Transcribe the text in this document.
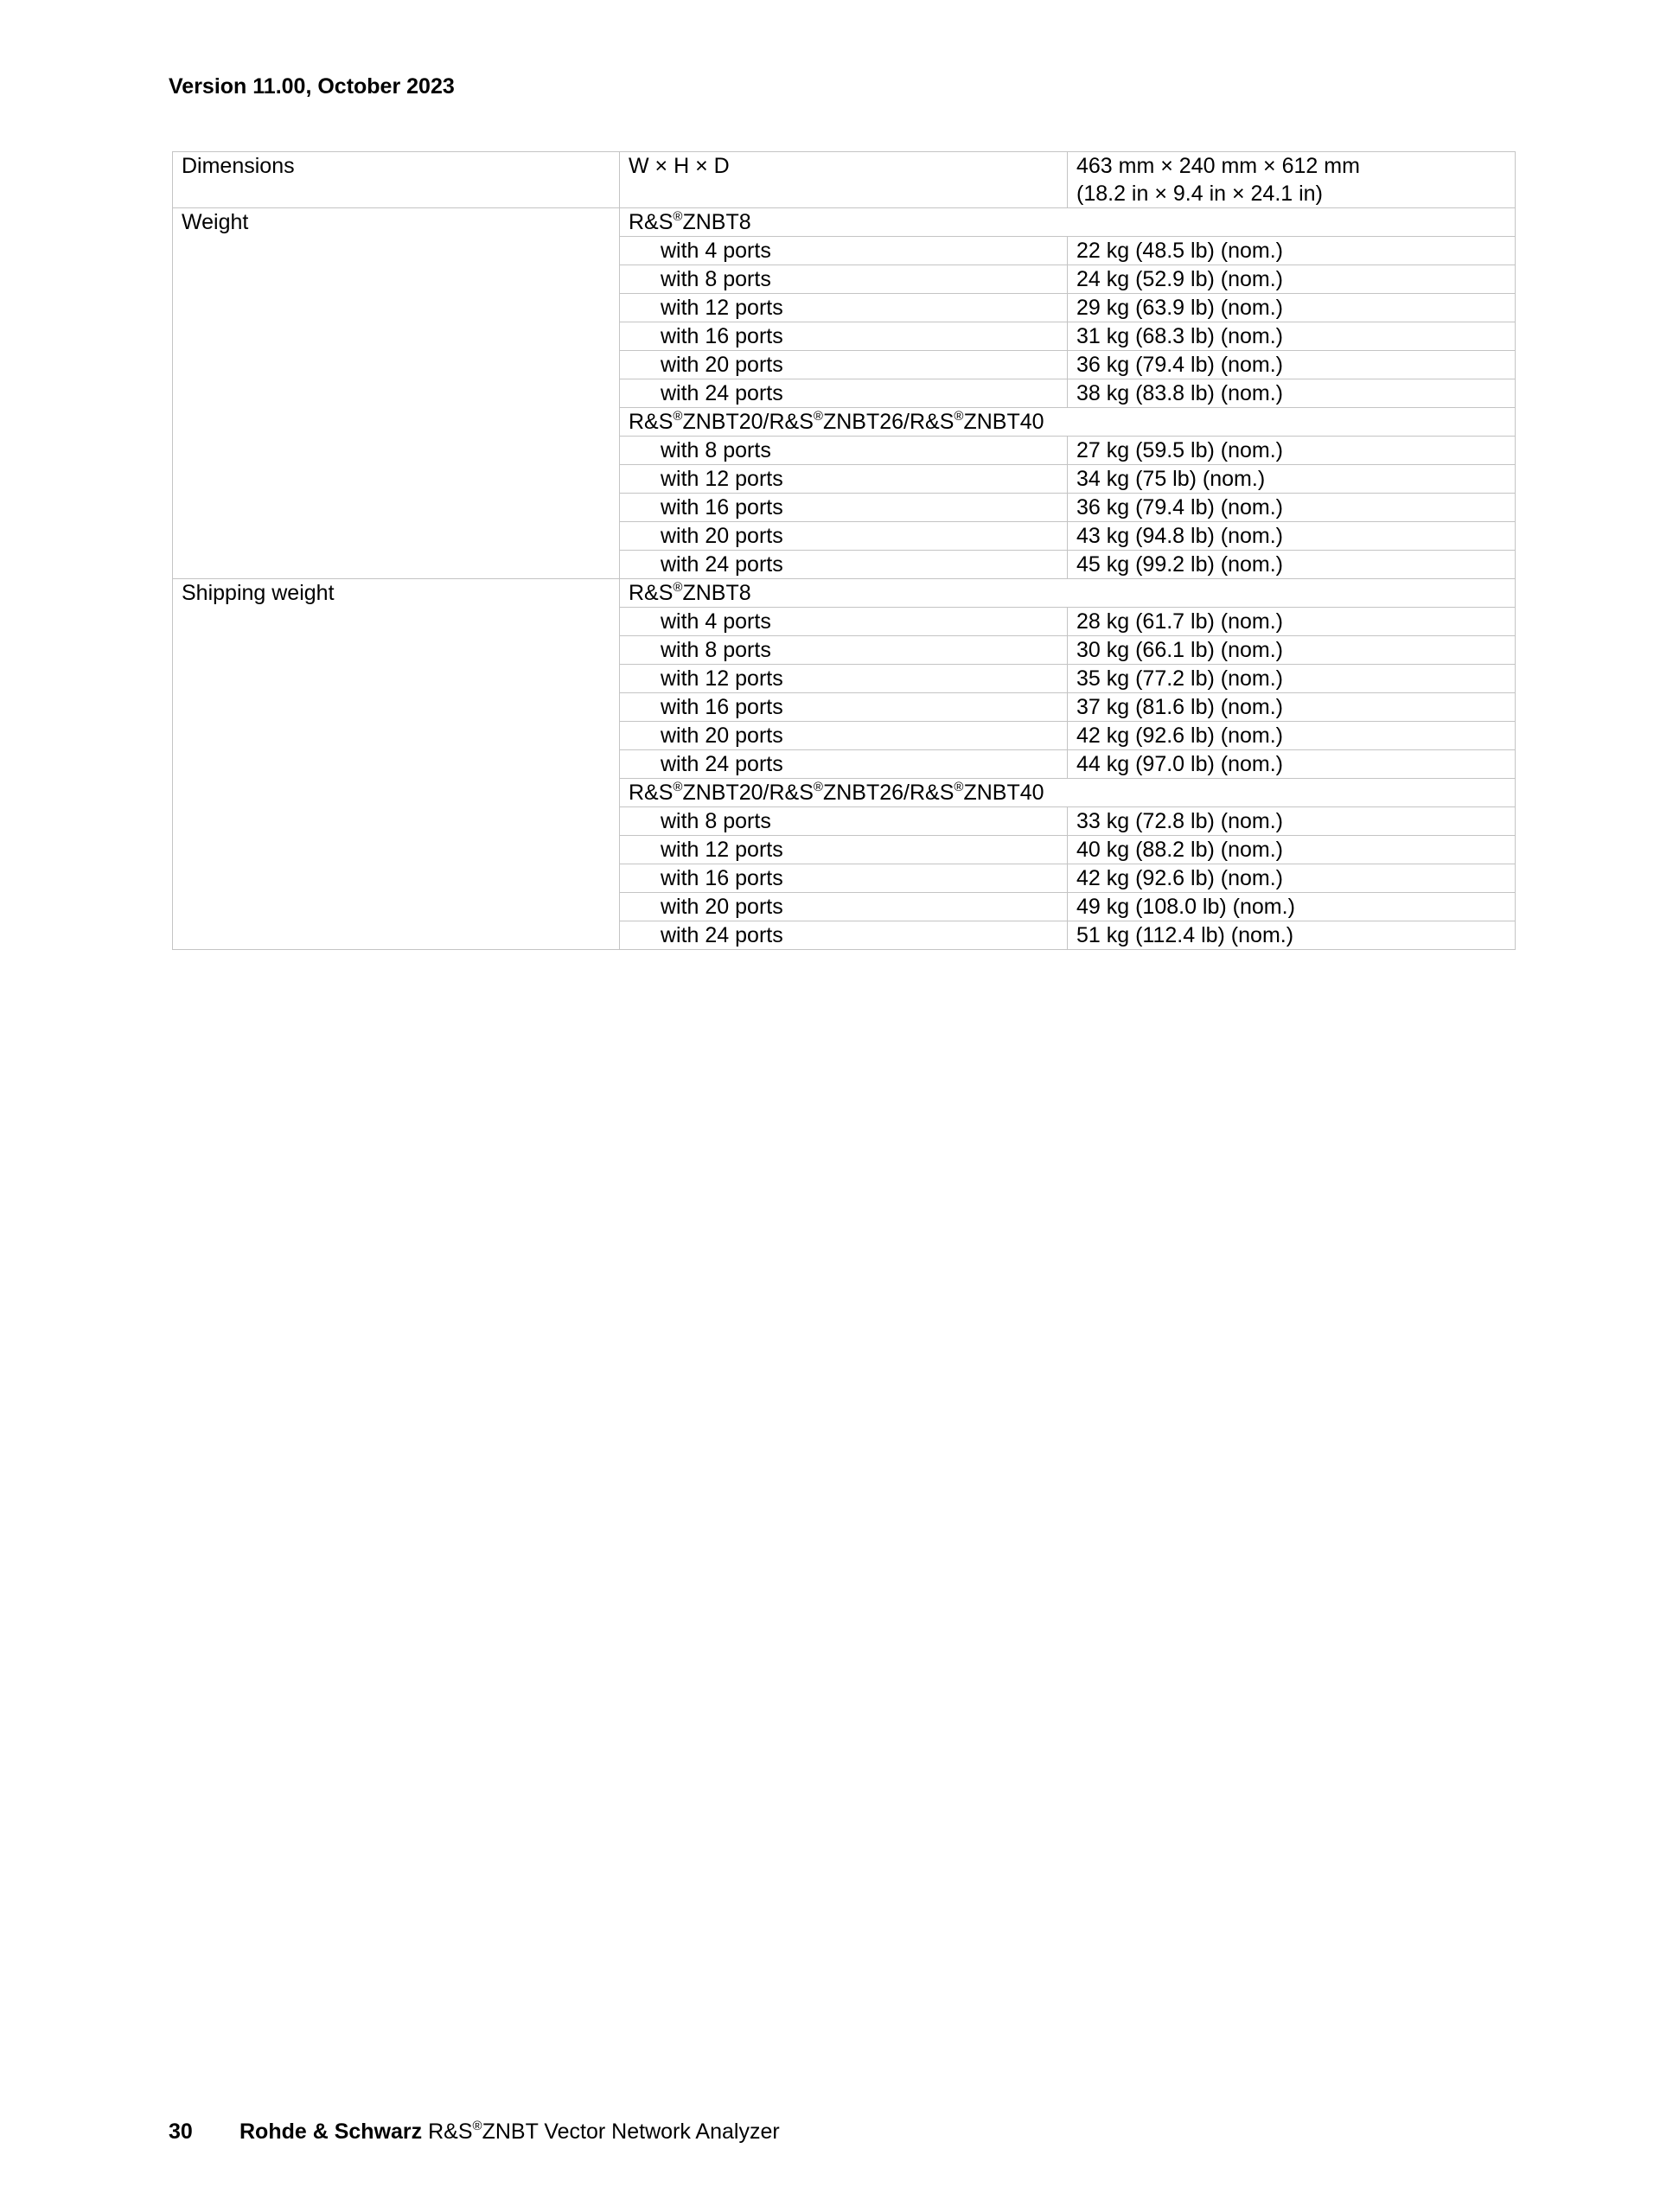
Version 11.00, October 2023
Dimensions	W × H × D	463 mm × 240 mm × 612 mm
(18.2 in × 9.4 in × 24.1 in)
Weight	R&S®ZNBT8	
	with 4 ports	22 kg (48.5 lb) (nom.)
	with 8 ports	24 kg (52.9 lb) (nom.)
	with 12 ports	29 kg (63.9 lb) (nom.)
	with 16 ports	31 kg (68.3 lb) (nom.)
	with 20 ports	36 kg (79.4 lb) (nom.)
	with 24 ports	38 kg (83.8 lb) (nom.)
	R&S®ZNBT20/R&S®ZNBT26/R&S®ZNBT40	
	with 8 ports	27 kg (59.5 lb) (nom.)
	with 12 ports	34 kg (75 lb) (nom.)
	with 16 ports	36 kg (79.4 lb) (nom.)
	with 20 ports	43 kg (94.8 lb) (nom.)
	with 24 ports	45 kg (99.2 lb) (nom.)
Shipping weight	R&S®ZNBT8	
	with 4 ports	28 kg (61.7 lb) (nom.)
	with 8 ports	30 kg (66.1 lb) (nom.)
	with 12 ports	35 kg (77.2 lb) (nom.)
	with 16 ports	37 kg (81.6 lb) (nom.)
	with 20 ports	42 kg (92.6 lb) (nom.)
	with 24 ports	44 kg (97.0 lb) (nom.)
	R&S®ZNBT20/R&S®ZNBT26/R&S®ZNBT40	
	with 8 ports	33 kg (72.8 lb) (nom.)
	with 12 ports	40 kg (88.2 lb) (nom.)
	with 16 ports	42 kg (92.6 lb) (nom.)
	with 20 ports	49 kg (108.0 lb) (nom.)
	with 24 ports	51 kg (112.4 lb) (nom.)
30 Rohde & Schwarz R&S®ZNBT Vector Network Analyzer
